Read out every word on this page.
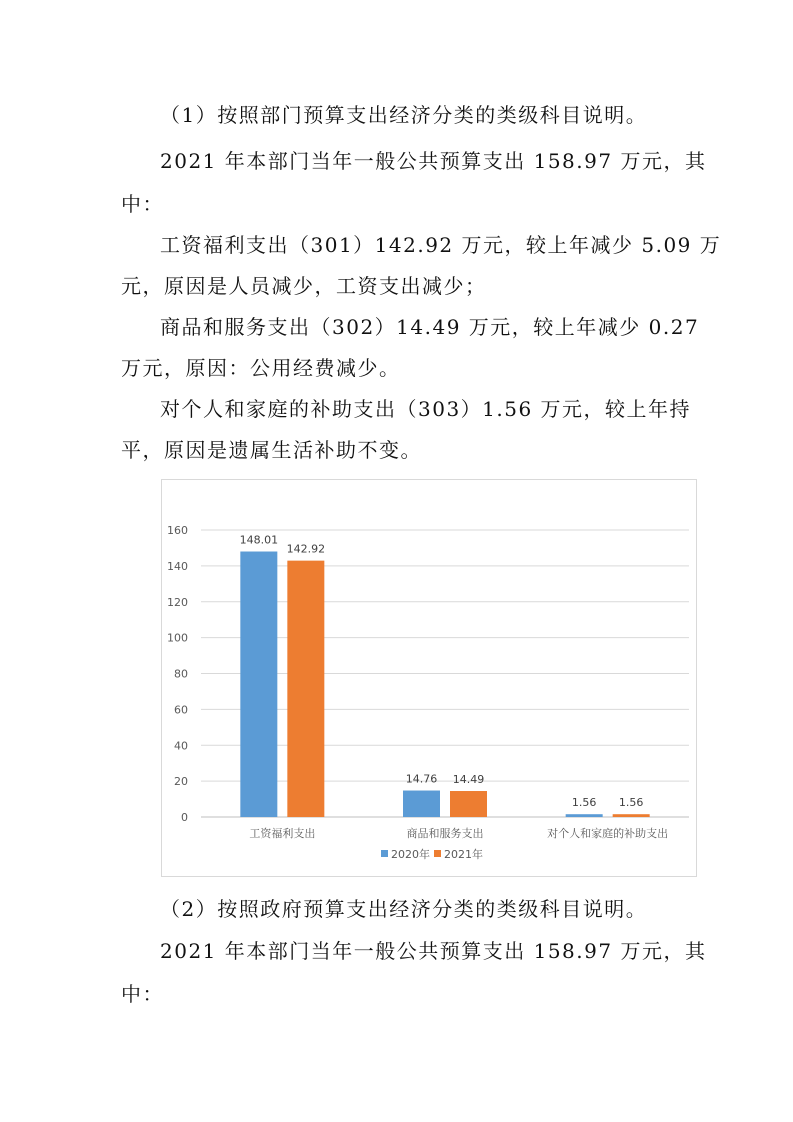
（1）按照部门预算支出经济分类的类级科目说明。
2021 年本部门当年一般公共预算支出 158.97 万元，其
中：
工资福利支出（301）142.92 万元，较上年减少 5.09 万
元，原因是人员减少，工资支出减少；
商品和服务支出（302）14.49 万元，较上年减少 0.27
万元，原因：公用经费减少。
对个人和家庭的补助支出（303）1.56 万元，较上年持
平，原因是遗属生活补助不变。
0
20
40
60
80
100
120
140
160
148.01
142.92
工资福利支出
14.76 14.49
商品和服务支出
1.56 1.56
对个人和家庭的补助支出
2020年 2021年
（2）按照政府预算支出经济分类的类级科目说明。
2021 年本部门当年一般公共预算支出 158.97 万元，其
中：
